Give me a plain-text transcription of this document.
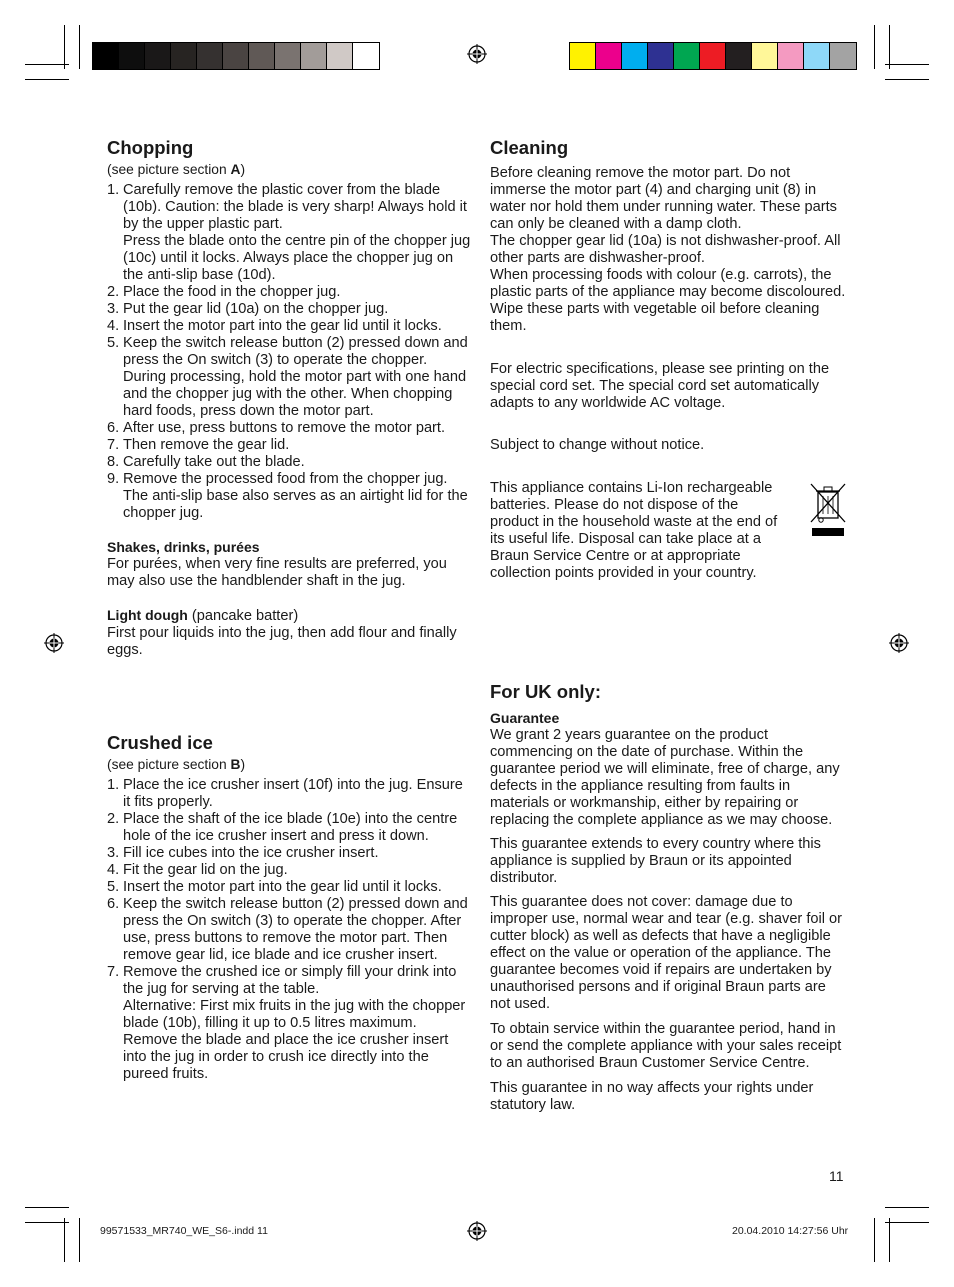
Chopping

(see picture section A)

1. Carefully remove the plastic cover from the blade (10b). Caution: the blade is very sharp! Always hold it by the upper plastic part.
Press the blade onto the centre pin of the chopper jug (10c) until it locks. Always place the chopper jug on the anti-slip base (10d).
2. Place the food in the chopper jug.
3. Put the gear lid (10a) on the chopper jug.
4. Insert the motor part into the gear lid until it locks.
5. Keep the switch release button (2) pressed down and press the On switch (3) to operate the chopper. During processing, hold the motor part with one hand and the chopper jug with the other. When chopping hard foods, press down the motor part.
6. After use, press buttons to remove the motor part.
7. Then remove the gear lid.
8. Carefully take out the blade.
9. Remove the processed food from the chopper jug. The anti-slip base also serves as an airtight lid for the chopper jug.

Shakes, drinks, purées

For purées, when very fine results are preferred, you may also use the handblender shaft in the jug.

Light dough (pancake batter)

First pour liquids into the jug, then add flour and finally eggs.

Crushed ice

(see picture section B)

1. Place the ice crusher insert (10f) into the jug. Ensure it fits properly.
2. Place the shaft of the ice blade (10e) into the centre hole of the ice crusher insert and press it down.
3. Fill ice cubes into the ice crusher insert.
4. Fit the gear lid on the jug.
5. Insert the motor part into the gear lid until it locks.
6. Keep the switch release button (2) pressed down and press the On switch (3) to operate the chopper. After use, press buttons to remove the motor part. Then remove gear lid, ice blade and ice crusher insert.
7. Remove the crushed ice or simply fill your drink into the jug for serving at the table.
Alternative: First mix fruits in the jug with the chopper blade (10b), filling it up to 0.5 litres maximum. Remove the blade and place the ice crusher insert into the jug in order to crush ice directly into the pureed fruits.
Cleaning

Before cleaning remove the motor part. Do not immerse the motor part (4) and charging unit (8) in water nor hold them under running water. These parts can only be cleaned with a damp cloth.

The chopper gear lid (10a) is not dishwasher-proof. All other parts are dishwasher-proof.

When processing foods with colour (e.g. carrots), the plastic parts of the appliance may become discoloured. Wipe these parts with vegetable oil before cleaning them.

For electric specifications, please see printing on the special cord set. The special cord set automatically adapts to any worldwide AC voltage.

Subject to change without notice.

This appliance contains Li-Ion rechargeable batteries. Please do not dispose of the product in the household waste at the end of its useful life. Disposal can take place at a Braun Service Centre or at appropriate collection points provided in your country.
For UK only:

Guarantee

We grant 2 years guarantee on the product commencing on the date of purchase. Within the guarantee period we will eliminate, free of charge, any defects in the appliance resulting from faults in materials or workmanship, either by repairing or replacing the complete appliance as we may choose.

This guarantee extends to every country where this appliance is supplied by Braun or its appointed distributor.

This guarantee does not cover: damage due to improper use, normal wear and tear (e.g. shaver foil or cutter block) as well as defects that have a negligible effect on the value or operation of the appliance. The guarantee becomes void if repairs are undertaken by unauthorised persons and if original Braun parts are not used.

To obtain service within the guarantee period, hand in or send the complete appliance with your sales receipt to an authorised Braun Customer Service Centre.

This guarantee in no way affects your rights under statutory law.

11
99571533_MR740_WE_S6-.indd 11	20.04.2010 14:27:56 Uhr
